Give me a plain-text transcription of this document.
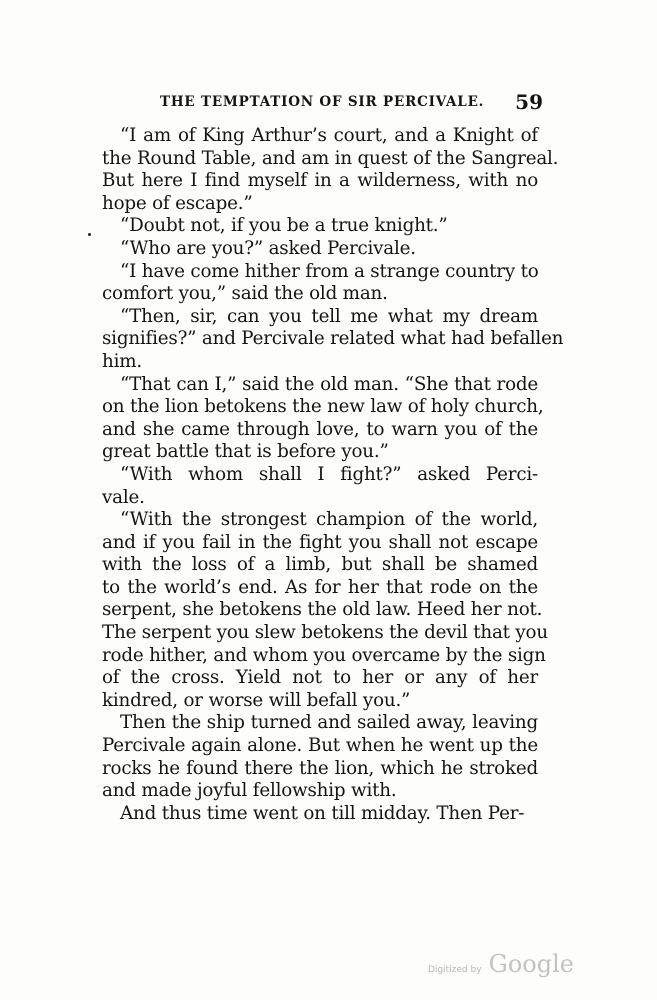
THE TEMPTATION OF SIR PERCIVALE. 59

“I am of King Arthur’s court, and a Knight of
the Round Table, and am in quest of the Sangreal.
But here I find myself in a wilderness, with no
hope of escape.”

“Doubt not, if you be a true knight.”

“Who are you?” asked Percivale.

“I have come hither from a strange country to
comfort you,” said the old man.

“Then, sir, can you tell me what my dream
signifies?” and Percivale related what had befallen
him.

“That can I,” said the old man. “She that rode
on the lion betokens the new law of holy church,
and she came through love, to warn you of the
great battle that is before you.”

“With whom shall I fight?” asked Perci-
vale.

“With the strongest champion of the world,
and if you fail in the fight you shall not escape
with the loss of a limb, but shall be shamed
to the world’s end. As for her that rode on the
serpent, she betokens the old law. Heed her not.
The serpent you slew betokens the devil that you
rode hither, and whom you overcame by the sign
of the cross. Yield not to her or any of her
kindred, or worse will befall you.”

Then the ship turned and sailed away, leaving
Percivale again alone. But when he went up the
rocks he found there the lion, which he stroked
and made joyful fellowship with.

And thus time went on till midday. Then Per-

Digitized by Google
